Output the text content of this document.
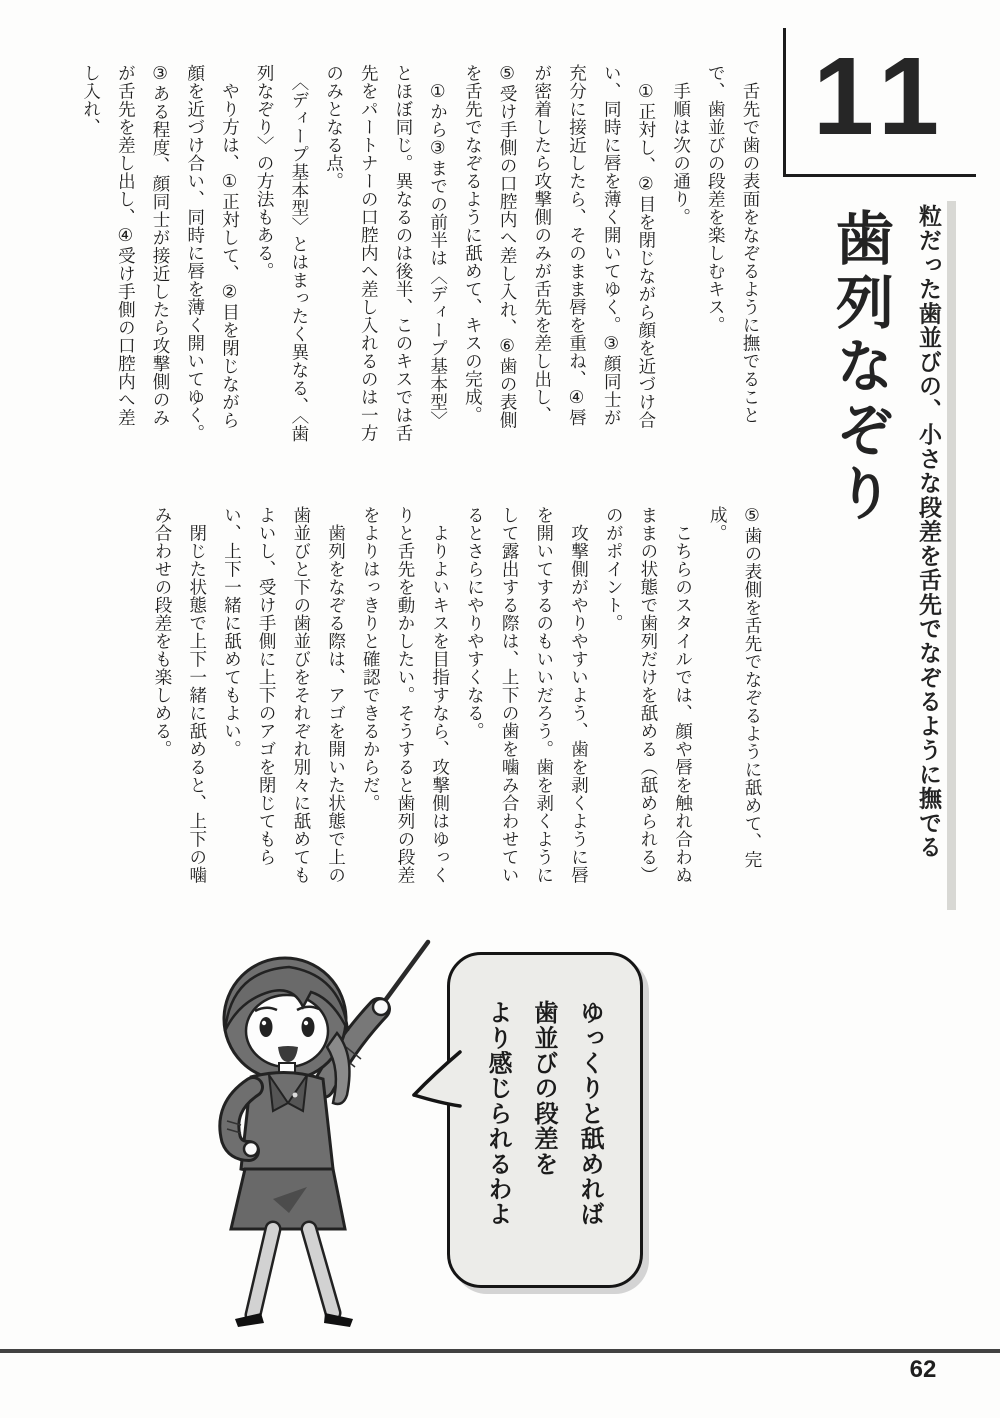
11
歯列なぞり	粒だった歯並びの、小さな段差を舌先でなぞるように撫でる

　舌先で歯の表面をなぞるように撫でることで、歯並びの段差を楽しむキス。

　手順は次の通り。

　①正対し、②目を閉じながら顔を近づけ合い、同時に唇を薄く開いてゆく。③顔同士が充分に接近したら、そのまま唇を重ね、④唇が密着したら攻撃側のみが舌先を差し出し、⑤受け手側の口腔内へ差し入れ、⑥歯の表側を舌先でなぞるように舐めて、キスの完成。

　①から③までの前半は〈ディープ基本型〉とほぼ同じ。異なるのは後半、このキスでは舌先をパートナーの口腔内へ差し入れるのは一方のみとなる点。

　〈ディープ基本型〉とはまったく異なる、〈歯列なぞり〉の方法もある。

　やり方は、①正対して、②目を閉じながら顔を近づけ合い、同時に唇を薄く開いてゆく。③ある程度、顔同士が接近したら攻撃側のみが舌先を差し出し、④受け手側の口腔内へ差し入れ、

⑤歯の表側を舌先でなぞるように舐めて、完成。

　こちらのスタイルでは、顔や唇を触れ合わぬままの状態で歯列だけを舐める（舐められる）のがポイント。

　攻撃側がやりやすいよう、歯を剥くように唇を開いてするのもいいだろう。歯を剥くようにして露出する際は、上下の歯を噛み合わせているとさらにやりやすくなる。

　よりよいキスを目指すなら、攻撃側はゆっくりと舌先を動かしたい。そうすると歯列の段差をよりはっきりと確認できるからだ。

　歯列をなぞる際は、アゴを開いた状態で上の歯並びと下の歯並びをそれぞれ別々に舐めてもよいし、受け手側に上下のアゴを閉じてもらい、上下一緒に舐めてもよい。

　閉じた状態で上下一緒に舐めると、上下の噛み合わせの段差をも楽しめる。

ゆっくりと舐めれば

歯並びの段差を

より感じられるわよ

62
